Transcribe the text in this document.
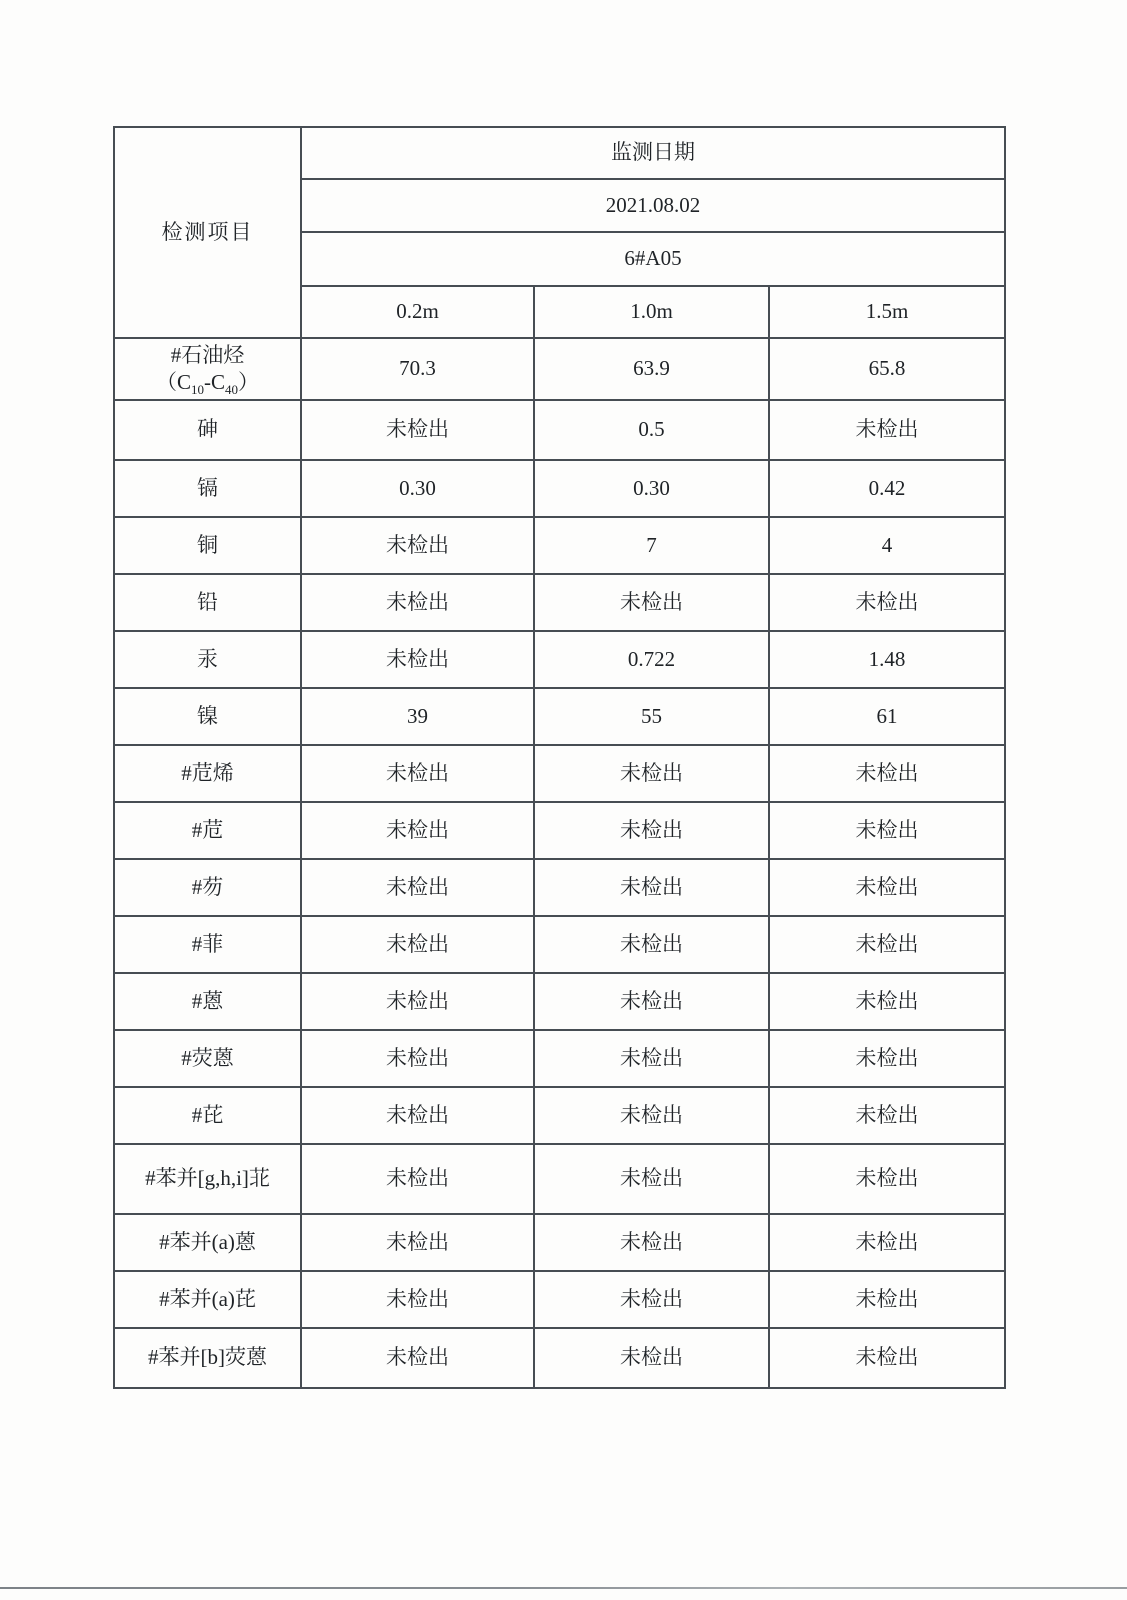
检测项目	监测日期		
	2021.08.02		
	6#A05		
	0.2m	1.0m	1.5m
#石油烃
$(C_{10}-C_{40})$	70.3	63.9	65.8
砷	未检出	0.5	未检出
镉	0.30	0.30	0.42
铜	未检出	7	4
铅	未检出	未检出	未检出
汞	未检出	0.722	1.48
镍	39	55	61
#苊烯	未检出	未检出	未检出
#苊	未检出	未检出	未检出
#芴	未检出	未检出	未检出
#菲	未检出	未检出	未检出
#蒽	未检出	未检出	未检出
#荧蒽	未检出	未检出	未检出
#芘	未检出	未检出	未检出
#苯并[g,h,i]苝	未检出	未检出	未检出
#苯并(a)蒽	未检出	未检出	未检出
#苯并(a)芘	未检出	未检出	未检出
#苯并[b]荧蒽	未检出	未检出	未检出
